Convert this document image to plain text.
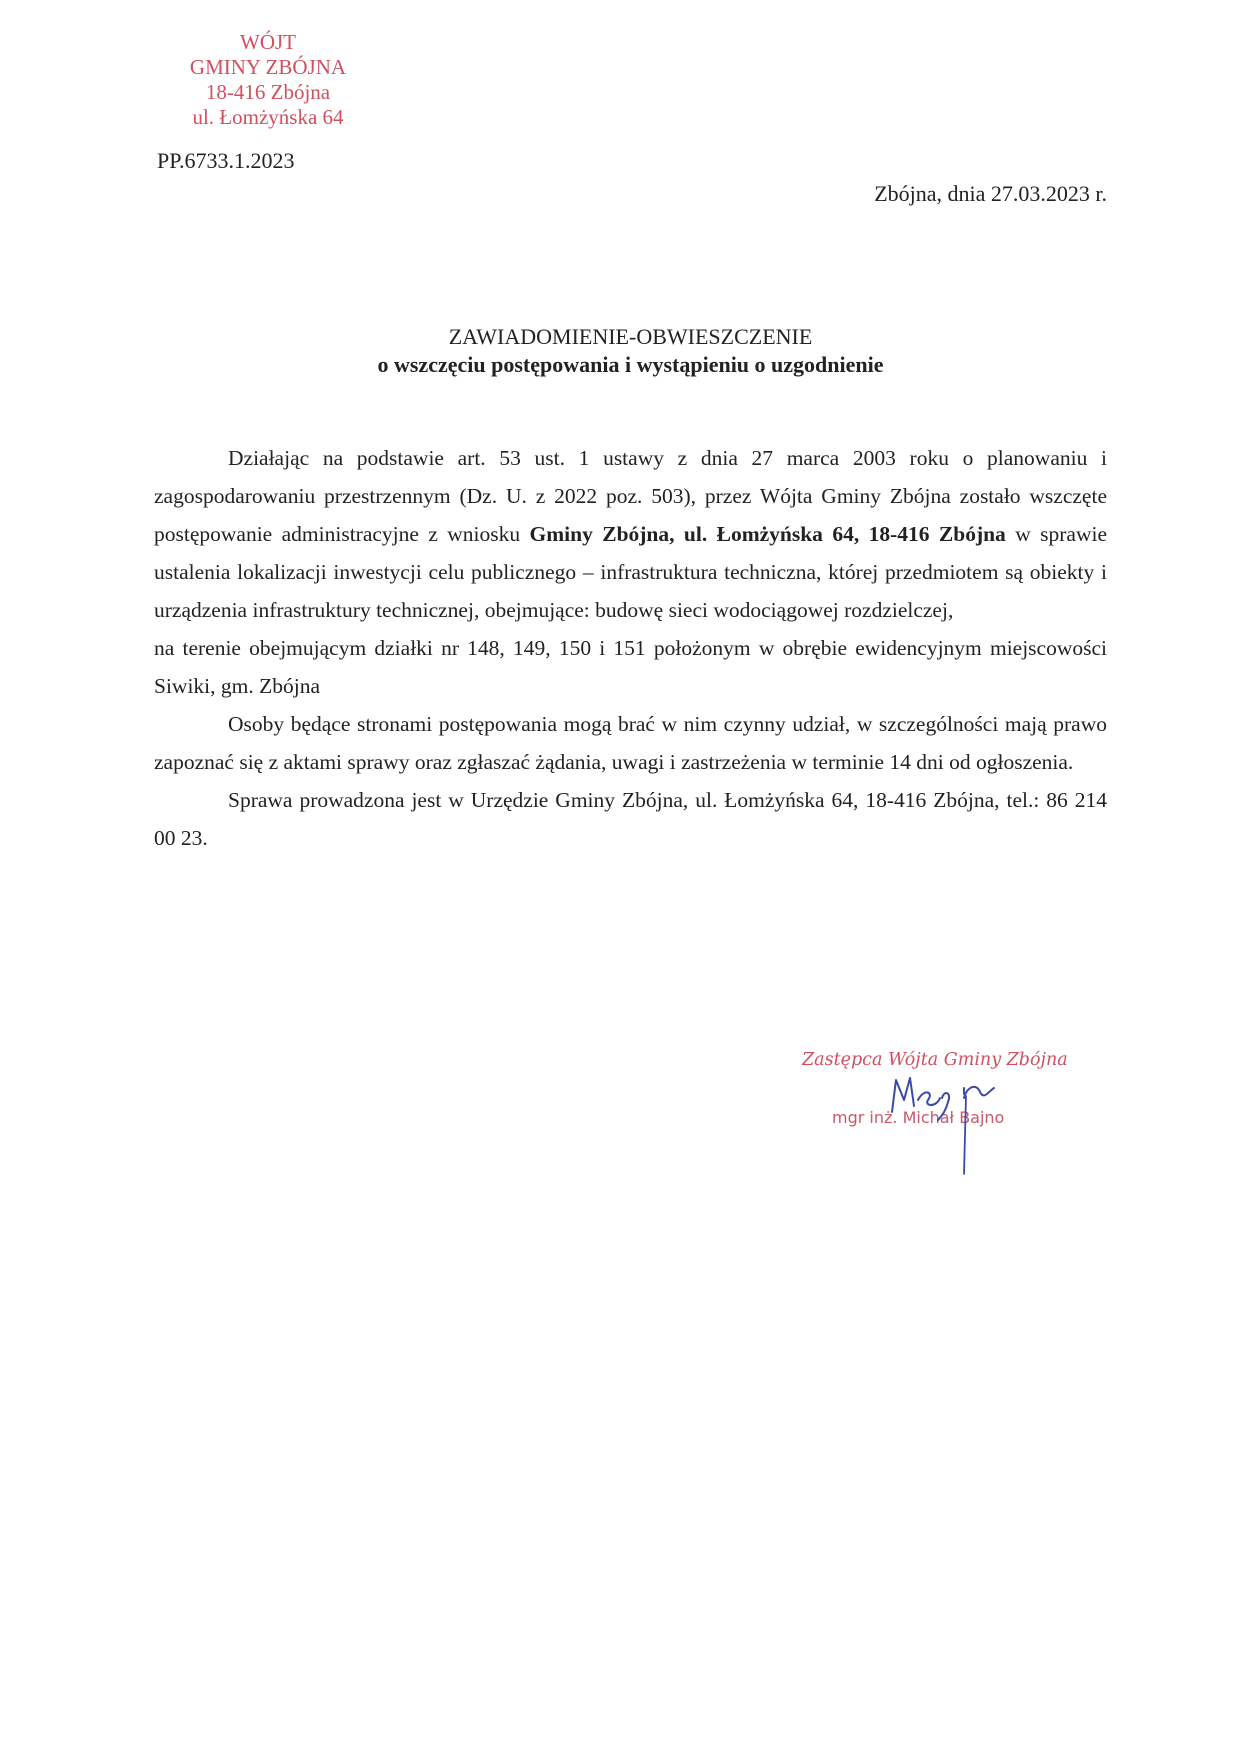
WÓJT
GMINY ZBÓJNA
18-416 Zbójna
ul. Łomżyńska 64
PP.6733.1.2023
Zbójna, dnia 27.03.2023 r.
ZAWIADOMIENIE-OBWIESZCZENIE
o wszczęciu postępowania i wystąpieniu o uzgodnienie

Działając na podstawie art. 53 ust. 1 ustawy z dnia 27 marca 2003 roku o planowaniu i zagospodarowaniu przestrzennym (Dz. U. z 2022 poz. 503), przez Wójta Gminy Zbójna zostało wszczęte postępowanie administracyjne z wniosku Gminy Zbójna, ul. Łomżyńska 64, 18-416 Zbójna w sprawie ustalenia lokalizacji inwestycji celu publicznego – infrastruktura techniczna, której przedmiotem są obiekty i urządzenia infrastruktury technicznej, obejmujące: budowę sieci wodociągowej rozdzielczej,

na terenie obejmującym działki nr 148, 149, 150 i 151 położonym w obrębie ewidencyjnym miejscowości Siwiki, gm. Zbójna

Osoby będące stronami postępowania mogą brać w nim czynny udział, w szczególności mają prawo zapoznać się z aktami sprawy oraz zgłaszać żądania, uwagi i zastrzeżenia w terminie 14 dni od ogłoszenia.

Sprawa prowadzona jest w Urzędzie Gminy Zbójna, ul. Łomżyńska 64, 18-416 Zbójna, tel.: 86 214 00 23.

Zastępca Wójta Gminy Zbójna
mgr inż. Michał Bajno
